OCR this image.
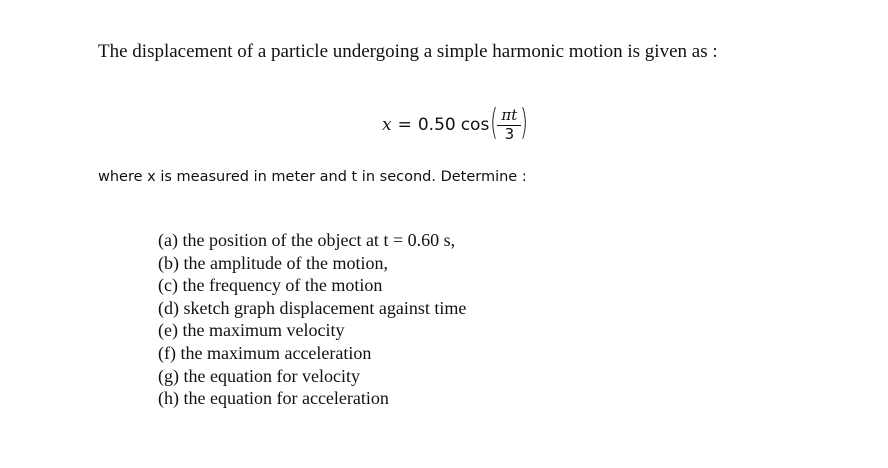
The displacement of a particle undergoing a simple harmonic motion is given as :

x = 0.50 cos ( $\frac{\pi t}{3}$ )

where x is measured in meter and t in second. Determine :

(a) the position of the object at t = 0.60 s,
(b) the amplitude of the motion,
(c) the frequency of the motion
(d) sketch graph displacement against time
(e) the maximum velocity
(f) the maximum acceleration
(g) the equation for velocity
(h) the equation for acceleration
